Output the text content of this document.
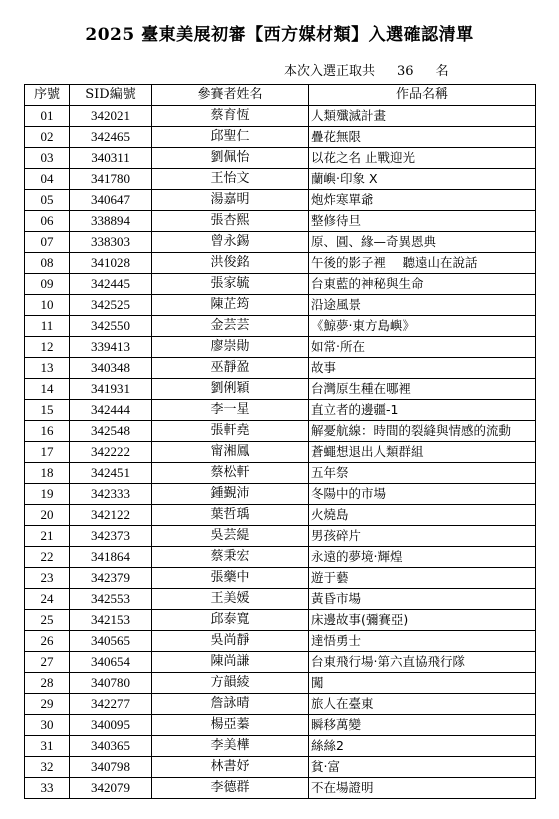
2025 臺東美展初審【西方媒材類】入選確認清單
本次入選正取共 36 名
序號	SID編號	參賽者姓名	作品名稱
01	342021	蔡育恆	人類殲滅計畫
02	342465	邱聖仁	疊花無限
03	340311	劉佩怡	以花之名 止戰迎光
04	341780	王怡文	蘭嶼‧印象 X
05	340647	湯嘉明	炮炸寒單爺
06	338894	張杏熙	整修待旦
07	338303	曾永錫	原、圓、緣—奇異恩典
08	341028	洪俊銘	午後的影子裡　 聽遠山在說話
09	342445	張家毓	台東藍的神秘與生命
10	342525	陳芷筠	沿途風景
11	342550	金芸芸	《鯨夢‧東方島嶼》
12	339413	廖崇勛	如常‧所在
13	340348	巫靜盈	故事
14	341931	劉俐穎	台灣原生種在哪裡
15	342444	李一星	直立者的邊疆-1
16	342548	張軒堯	解憂航線：時間的裂縫與情感的流動
17	342222	甯湘鳳	蒼蠅想退出人類群組
18	342451	蔡松軒	五年祭
19	342333	鍾覲沛	冬陽中的市場
20	342122	葉哲瑀	火燒島
21	342373	吳芸緹	男孩碎片
22	341864	蔡秉宏	永遠的夢境‧輝煌
23	342379	張藥中	遊于藝
24	342553	王美媛	黃昏市場
25	342153	邱泰寬	床邊故事(彌賽亞)
26	340565	吳尚靜	達悟勇士
27	340654	陳尚謙	台東飛行場‧第六直協飛行隊
28	340780	方韻綾	闖
29	342277	詹詠晴	旅人在臺東
30	340095	楊亞蓁	瞬移萬變
31	340365	李美樺	絲絲2
32	340798	林書妤	貧‧富
33	342079	李德群	不在場證明
